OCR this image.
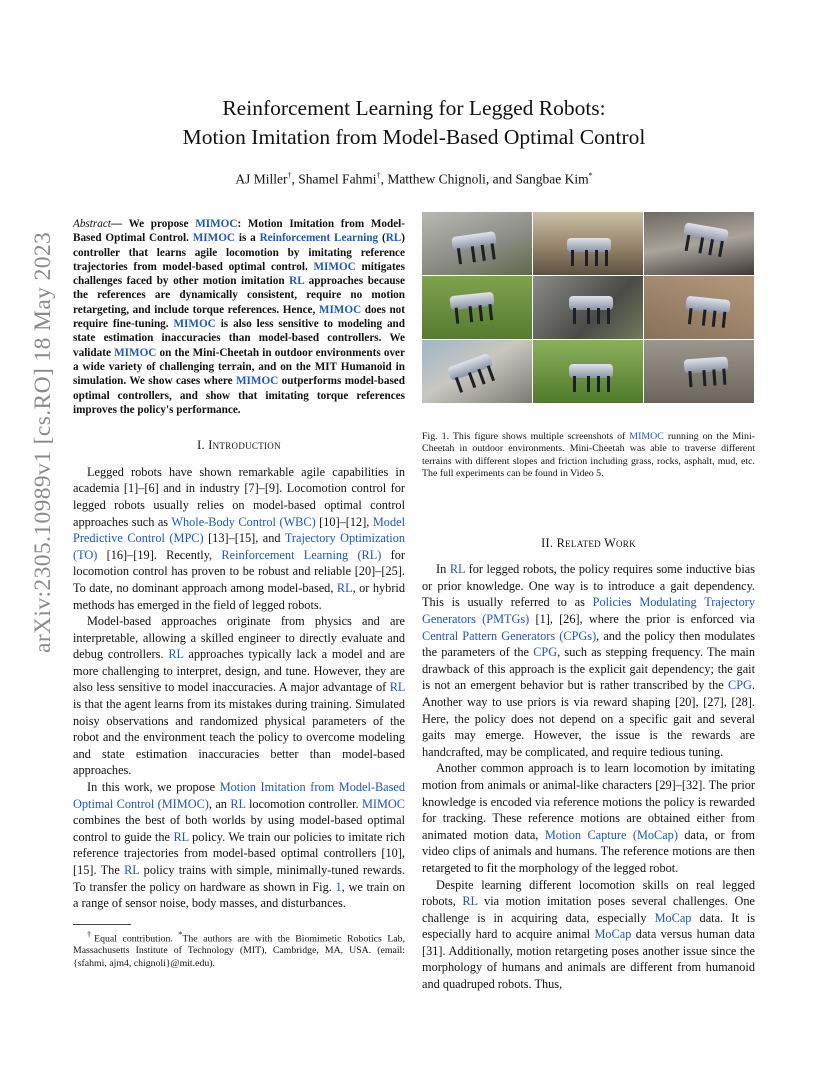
arXiv:2305.10989v1 [cs.RO] 18 May 2023
Reinforcement Learning for Legged Robots:
Motion Imitation from Model-Based Optimal Control
AJ Miller†, Shamel Fahmi†, Matthew Chignoli, and Sangbae Kim*
Abstract— We propose MIMOC: Motion Imitation from Model-Based Optimal Control. MIMOC is a Reinforcement Learning (RL) controller that learns agile locomotion by imitating reference trajectories from model-based optimal control. MIMOC mitigates challenges faced by other motion imitation RL approaches because the references are dynamically consistent, require no motion retargeting, and include torque references. Hence, MIMOC does not require fine-tuning. MIMOC is also less sensitive to modeling and state estimation inaccuracies than model-based controllers. We validate MIMOC on the Mini-Cheetah in outdoor environments over a wide variety of challenging terrain, and on the MIT Humanoid in simulation. We show cases where MIMOC outperforms model-based optimal controllers, and show that imitating torque references improves the policy's performance.
I. Introduction

Legged robots have shown remarkable agile capabilities in academia [1]–[6] and in industry [7]–[9]. Locomotion control for legged robots usually relies on model-based optimal control approaches such as Whole-Body Control (WBC) [10]–[12], Model Predictive Control (MPC) [13]–[15], and Trajectory Optimization (TO) [16]–[19]. Recently, Reinforcement Learning (RL) for locomotion control has proven to be robust and reliable [20]–[25]. To date, no dominant approach among model-based, RL, or hybrid methods has emerged in the field of legged robots.

Model-based approaches originate from physics and are interpretable, allowing a skilled engineer to directly evaluate and debug controllers. RL approaches typically lack a model and are more challenging to interpret, design, and tune. However, they are also less sensitive to model inaccuracies. A major advantage of RL is that the agent learns from its mistakes during training. Simulated noisy observations and randomized physical parameters of the robot and the environment teach the policy to overcome modeling and state estimation inaccuracies better than model-based approaches.

In this work, we propose Motion Imitation from Model-Based Optimal Control (MIMOC), an RL locomotion controller. MIMOC combines the best of both worlds by using model-based optimal control to guide the RL policy. We train our policies to imitate rich reference trajectories from model-based optimal controllers [10], [15]. The RL policy trains with simple, minimally-tuned rewards. To transfer the policy on hardware as shown in Fig. 1, we train on a range of sensor noise, body masses, and disturbances.

†Equal contribution. *The authors are with the Biomimetic Robotics Lab, Massachusetts Institute of Technology (MIT), Cambridge, MA, USA. (email: {sfahmi, ajm4, chignoli}@mit.edu).

Fig. 1. This figure shows multiple screenshots of MIMOC running on the Mini-Cheetah in outdoor environments. Mini-Cheetah was able to traverse different terrains with different slopes and friction including grass, rocks, asphalt, mud, etc. The full experiments can be found in Video 5.
II. Related Work

In RL for legged robots, the policy requires some inductive bias or prior knowledge. One way is to introduce a gait dependency. This is usually referred to as Policies Modulating Trajectory Generators (PMTGs) [1], [26], where the prior is enforced via Central Pattern Generators (CPGs), and the policy then modulates the parameters of the CPG, such as stepping frequency. The main drawback of this approach is the explicit gait dependency; the gait is not an emergent behavior but is rather transcribed by the CPG. Another way to use priors is via reward shaping [20], [27], [28]. Here, the policy does not depend on a specific gait and several gaits may emerge. However, the issue is the rewards are handcrafted, may be complicated, and require tedious tuning.

Another common approach is to learn locomotion by imitating motion from animals or animal-like characters [29]–[32]. The prior knowledge is encoded via reference motions the policy is rewarded for tracking. These reference motions are obtained either from animated motion data, Motion Capture (MoCap) data, or from video clips of animals and humans. The reference motions are then retargeted to fit the morphology of the legged robot.

Despite learning different locomotion skills on real legged robots, RL via motion imitation poses several challenges. One challenge is in acquiring data, especially MoCap data. It is especially hard to acquire animal MoCap data versus human data [31]. Additionally, motion retargeting poses another issue since the morphology of humans and animals are different from humanoid and quadruped robots. Thus,
